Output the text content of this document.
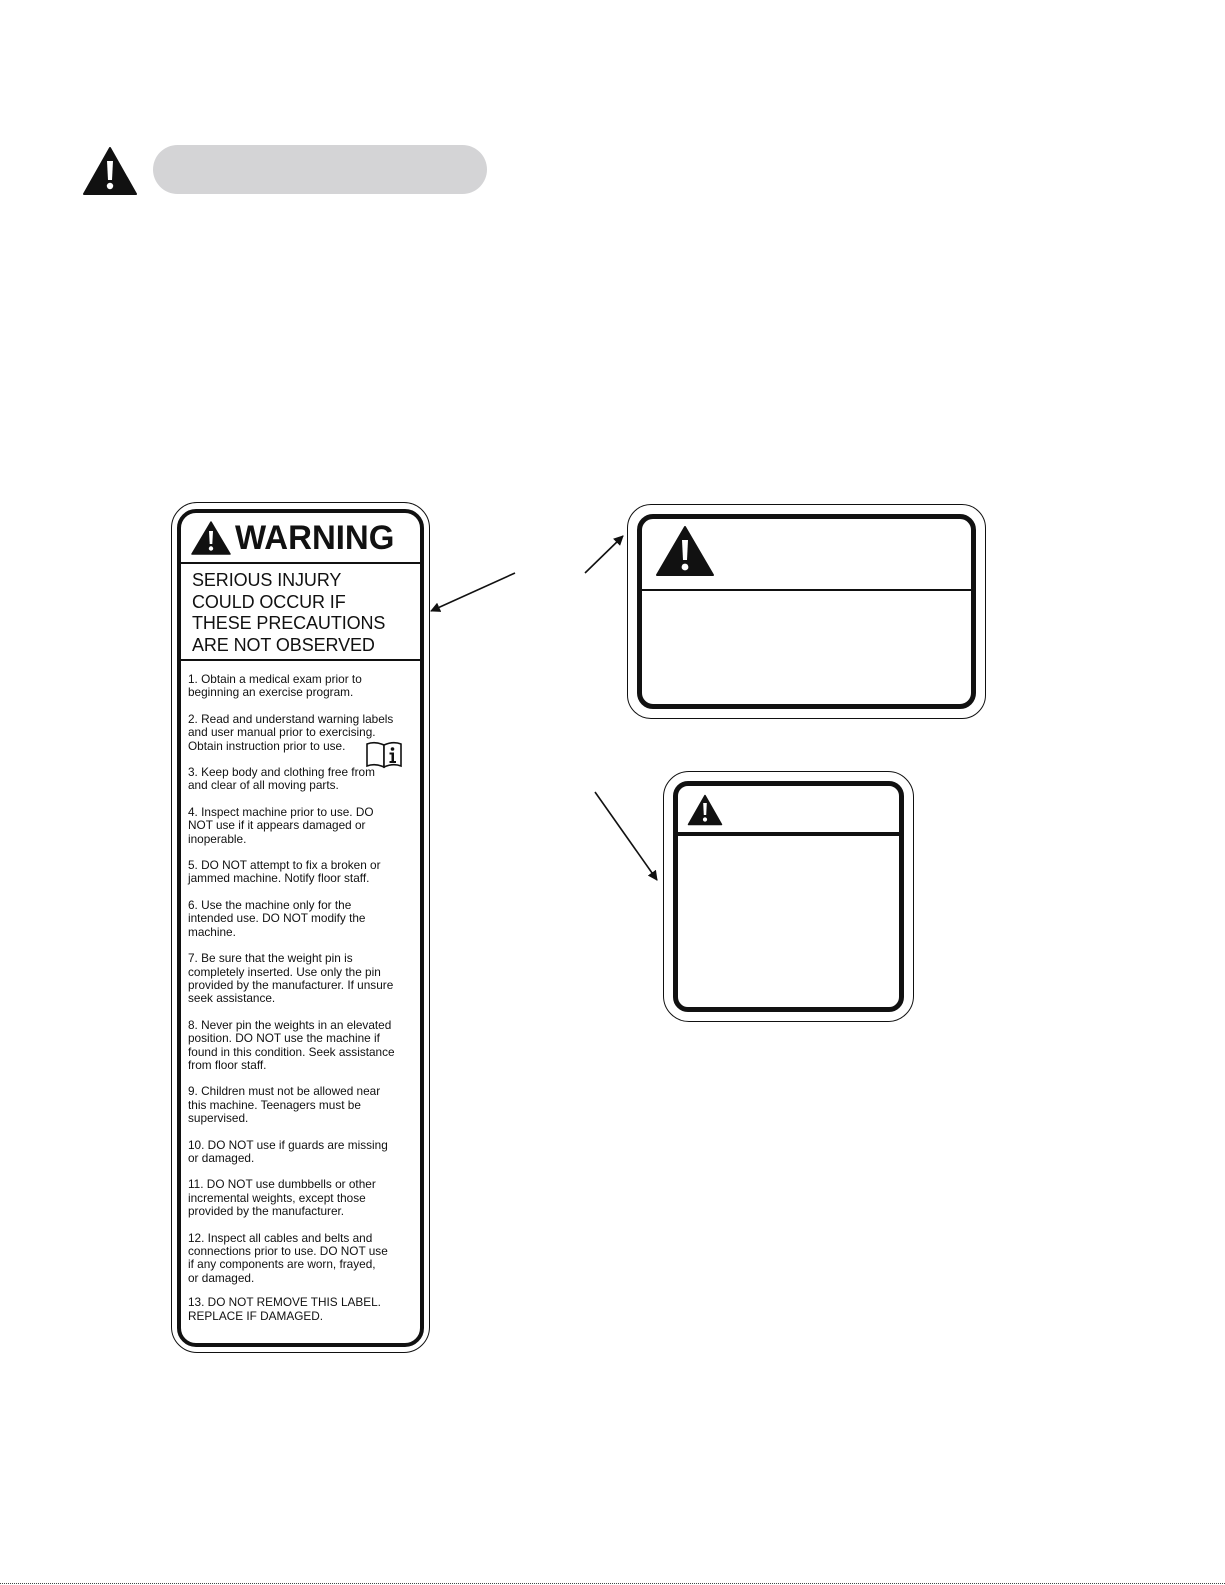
WARNING
SERIOUS INJURY
COULD OCCUR IF
THESE PRECAUTIONS
ARE NOT OBSERVED
1. Obtain a medical exam prior to
beginning an exercise program.
2. Read and understand warning labels
and user manual prior to exercising.
Obtain instruction prior to use.
3. Keep body and clothing free from
and clear of all moving parts.
4. Inspect machine prior to use. DO
NOT use if it appears damaged or
inoperable.
5. DO NOT attempt to fix a broken or
jammed machine. Notify floor staff.
6. Use the machine only for the
intended use. DO NOT modify the
machine.
7. Be sure that the weight pin is
completely inserted. Use only the pin
provided by the manufacturer. If unsure
seek assistance.
8. Never pin the weights in an elevated
position. DO NOT use the machine if
found in this condition. Seek assistance
from floor staff.
9. Children must not be allowed near
this machine. Teenagers must be
supervised.
10. DO NOT use if guards are missing
or damaged.
11. DO NOT use dumbbells or other
incremental weights, except those
provided by the manufacturer.
12. Inspect all cables and belts and
connections prior to use. DO NOT use
if any components are worn, frayed,
or damaged.
13. DO NOT REMOVE THIS LABEL.
REPLACE IF DAMAGED.
